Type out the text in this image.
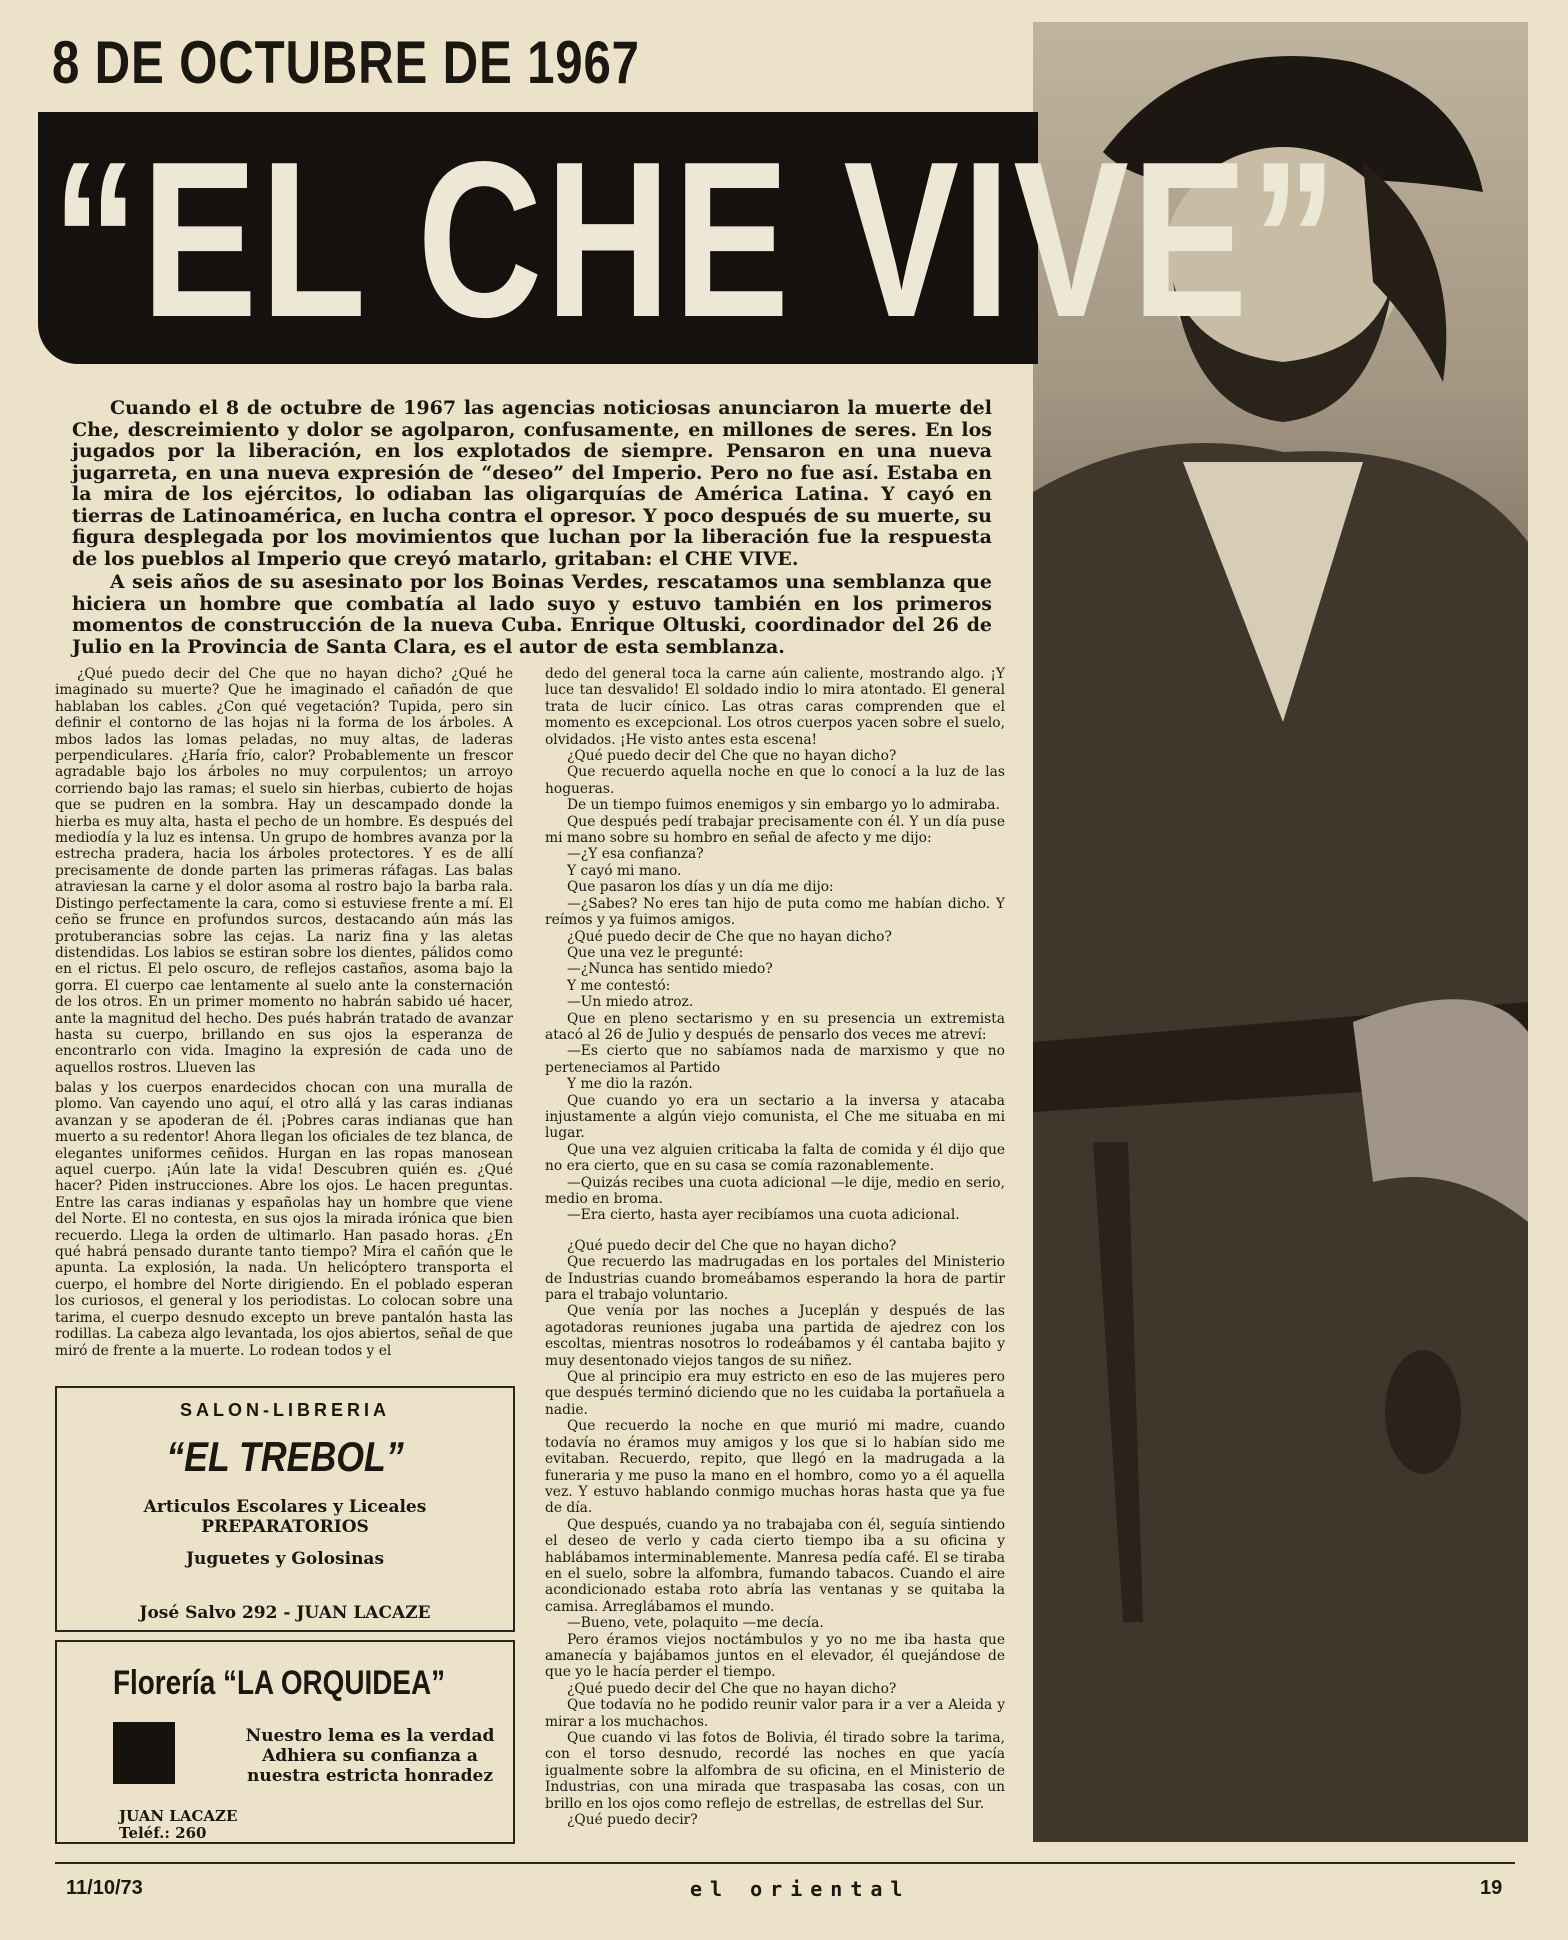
8 DE OCTUBRE DE 1967
“EL CHE VIVE”

Cuando el 8 de octubre de 1967 las agencias noticiosas anunciaron la muerte del Che, descreimiento y dolor se agolparon, confusamente, en millones de seres. En los jugados por la liberación, en los explotados de siempre. Pensaron en una nueva jugarreta, en una nueva expresión de “deseo” del Imperio. Pero no fue así. Estaba en la mira de los ejércitos, lo odiaban las oligarquías de América Latina. Y cayó en tierras de Latinoamérica, en lucha contra el opresor. Y poco después de su muerte, su figura desplegada por los movimientos que luchan por la liberación fue la respuesta de los pueblos al Imperio que creyó matarlo, gritaban: el CHE VIVE.

A seis años de su asesinato por los Boinas Verdes, rescatamos una semblanza que hiciera un hombre que combatía al lado suyo y estuvo también en los primeros momentos de construcción de la nueva Cuba. Enrique Oltuski, coordinador del 26 de Julio en la Provincia de Santa Clara, es el autor de esta semblanza.

¿Qué puedo decir del Che que no hayan dicho? ¿Qué he imaginado su muerte? Que he imaginado el cañadón de que hablaban los cables. ¿Con qué vegetación? Tupida, pero sin definir el contorno de las hojas ni la forma de los árboles. A mbos lados las lomas peladas, no muy altas, de laderas perpendiculares. ¿Haría frío, calor? Probablemente un frescor agradable bajo los árboles no muy corpulentos; un arroyo corriendo bajo las ramas; el suelo sin hierbas, cubierto de hojas que se pudren en la sombra. Hay un descampado donde la hierba es muy alta, hasta el pecho de un hombre. Es después del mediodía y la luz es intensa. Un grupo de hombres avanza por la estrecha pradera, hacia los árboles protectores. Y es de allí precisamente de donde parten las primeras ráfagas. Las balas atraviesan la carne y el dolor asoma al rostro bajo la barba rala. Distingo perfectamente la cara, como si estuviese frente a mí. El ceño se frunce en profundos surcos, destacando aún más las protuberancias sobre las cejas. La nariz fina y las aletas distendidas. Los labios se estiran sobre los dientes, pálidos como en el rictus. El pelo oscuro, de reflejos castaños, asoma bajo la gorra. El cuerpo cae lentamente al suelo ante la consternación de los otros. En un primer momento no habrán sabido ué hacer, ante la magnitud del hecho. Des pués habrán tratado de avanzar hasta su cuerpo, brillando en sus ojos la esperanza de encontrarlo con vida. Imagino la expresión de cada uno de aquellos rostros. Llueven las

balas y los cuerpos enardecidos chocan con una muralla de plomo. Van cayendo uno aquí, el otro allá y las caras indianas avanzan y se apoderan de él. ¡Pobres caras indianas que han muerto a su redentor! Ahora llegan los oficiales de tez blanca, de elegantes uniformes ceñidos. Hurgan en las ropas manosean aquel cuerpo. ¡Aún late la vida! Descubren quién es. ¿Qué hacer? Piden instrucciones. Abre los ojos. Le hacen preguntas. Entre las caras indianas y españolas hay un hombre que viene del Norte. El no contesta, en sus ojos la mirada irónica que bien recuerdo. Llega la orden de ultimarlo. Han pasado horas. ¿En qué habrá pensado durante tanto tiempo? Mira el cañón que le apunta. La explosión, la nada. Un helicóptero transporta el cuerpo, el hombre del Norte dirigiendo. En el poblado esperan los curiosos, el general y los periodistas. Lo colocan sobre una tarima, el cuerpo desnudo excepto un breve pantalón hasta las rodillas. La cabeza algo levantada, los ojos abiertos, señal de que miró de frente a la muerte. Lo rodean todos y el

dedo del general toca la carne aún caliente, mostrando algo. ¡Y luce tan desvalido! El soldado indio lo mira atontado. El general trata de lucir cínico. Las otras caras comprenden que el momento es excepcional. Los otros cuerpos yacen sobre el suelo, olvidados. ¡He visto antes esta escena!

¿Qué puedo decir del Che que no hayan dicho?

Que recuerdo aquella noche en que lo conocí a la luz de las hogueras.

De un tiempo fuimos enemigos y sin embargo yo lo admiraba.

Que después pedí trabajar precisamente con él. Y un día puse mi mano sobre su hombro en señal de afecto y me dijo:

—¿Y esa confianza?

Y cayó mi mano.

Que pasaron los días y un día me dijo:

—¿Sabes? No eres tan hijo de puta como me habían dicho. Y reímos y ya fuimos amigos.

¿Qué puedo decir de Che que no hayan dicho?

Que una vez le pregunté:

—¿Nunca has sentido miedo?

Y me contestó:

—Un miedo atroz.

Que en pleno sectarismo y en su presencia un extremista atacó al 26 de Julio y después de pensarlo dos veces me atreví:

—Es cierto que no sabíamos nada de marxismo y que no perteneciamos al Partido

Y me dio la razón.

Que cuando yo era un sectario a la inversa y atacaba injustamente a algún viejo comunista, el Che me situaba en mi lugar.

Que una vez alguien criticaba la falta de comida y él dijo que no era cierto, que en su casa se comía razonablemente.

—Quizás recibes una cuota adicional —le dije, medio en serio, medio en broma.

—Era cierto, hasta ayer recibíamos una cuota adicional.

¿Qué puedo decir del Che que no hayan dicho?

Que recuerdo las madrugadas en los portales del Ministerio de Industrias cuando bromeábamos esperando la hora de partir para el trabajo voluntario.

Que venía por las noches a Juceplán y después de las agotadoras reuniones jugaba una partida de ajedrez con los escoltas, mientras nosotros lo rodeábamos y él cantaba bajito y muy desentonado viejos tangos de su niñez.

Que al principio era muy estricto en eso de las mujeres pero que después terminó diciendo que no les cuidaba la portañuela a nadie.

Que recuerdo la noche en que murió mi madre, cuando todavía no éramos muy amigos y los que si lo habían sido me evitaban. Recuerdo, repito, que llegó en la madrugada a la funeraria y me puso la mano en el hombro, como yo a él aquella vez. Y estuvo hablando conmigo muchas horas hasta que ya fue de día.

Que después, cuando ya no trabajaba con él, seguía sintiendo el deseo de verlo y cada cierto tiempo iba a su oficina y hablábamos interminablemente. Manresa pedía café. El se tiraba en el suelo, sobre la alfombra, fumando tabacos. Cuando el aire acondicionado estaba roto abría las ventanas y se quitaba la camisa. Arreglábamos el mundo.

—Bueno, vete, polaquito —me decía.

Pero éramos viejos noctámbulos y yo no me iba hasta que amanecía y bajábamos juntos en el elevador, él quejándose de que yo le hacía perder el tiempo.

¿Qué puedo decir del Che que no hayan dicho?

Que todavía no he podido reunir valor para ir a ver a Aleida y mirar a los muchachos.

Que cuando vi las fotos de Bolivia, él tirado sobre la tarima, con el torso desnudo, recordé las noches en que yacía igualmente sobre la alfombra de su oficina, en el Ministerio de Industrias, con una mirada que traspasaba las cosas, con un brillo en los ojos como reflejo de estrellas, de estrellas del Sur.

¿Qué puedo decir?

SALON-LIBRERIA
“EL TREBOL”
Articulos Escolares y Liceales
PREPARATORIOS
Juguetes y Golosinas
José Salvo 292 - JUAN LACAZE
Florería “LA ORQUIDEA”
Nuestro lema es la verdad Adhiera su confianza a nuestra estricta honradez
JUAN LACAZE
Teléf.: 260
11/10/73	el oriental	19
